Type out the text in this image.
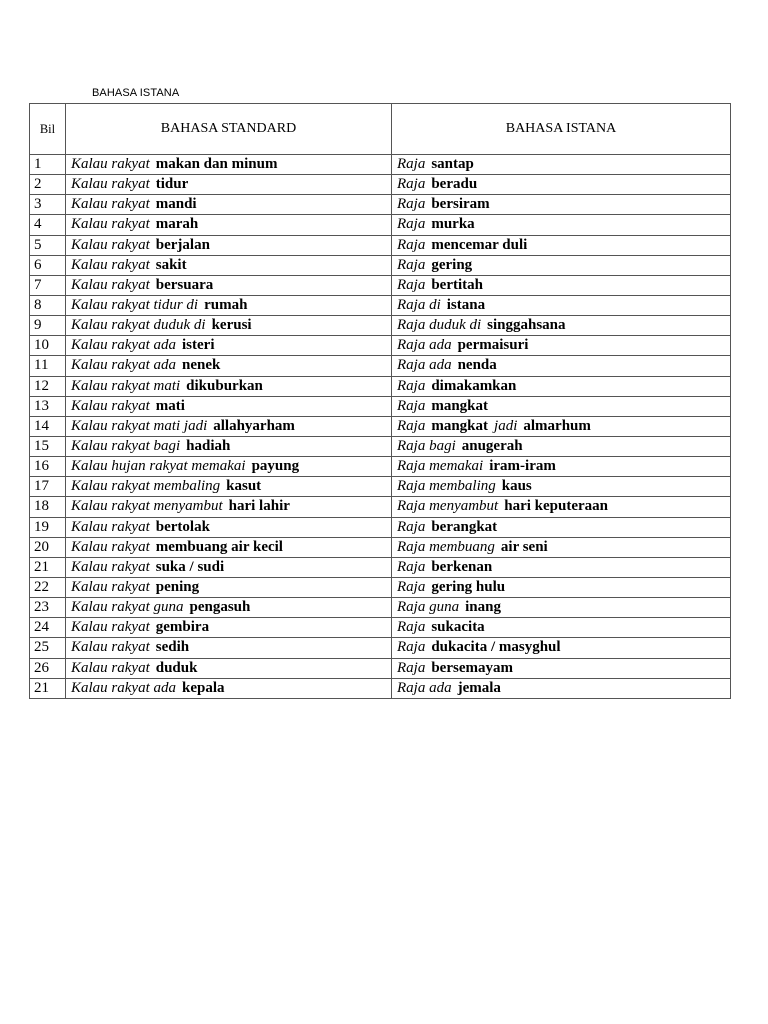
BAHASA ISTANA
Bil	BAHASA STANDARD	BAHASA ISTANA
1	Kalau rakyat makan dan minum	Raja santap
2	Kalau rakyat tidur	Raja beradu
3	Kalau rakyat mandi	Raja bersiram
4	Kalau rakyat marah	Raja murka
5	Kalau rakyat berjalan	Raja mencemar duli
6	Kalau rakyat sakit	Raja gering
7	Kalau rakyat bersuara	Raja bertitah
8	Kalau rakyat tidur di rumah	Raja di istana
9	Kalau rakyat duduk di kerusi	Raja duduk di singgahsana
10	Kalau rakyat ada isteri	Raja ada permaisuri
11	Kalau rakyat ada nenek	Raja ada nenda
12	Kalau rakyat mati dikuburkan	Raja dimakamkan
13	Kalau rakyat mati	Raja mangkat
14	Kalau rakyat mati jadi allahyarham	Raja mangkat jadi almarhum
15	Kalau rakyat bagi hadiah	Raja bagi anugerah
16	Kalau hujan rakyat memakai payung	Raja memakai iram-iram
17	Kalau rakyat membaling kasut	Raja membaling kaus
18	Kalau rakyat menyambut hari lahir	Raja menyambut hari keputeraan
19	Kalau rakyat bertolak	Raja berangkat
20	Kalau rakyat membuang air kecil	Raja membuang air seni
21	Kalau rakyat suka / sudi	Raja berkenan
22	Kalau rakyat pening	Raja gering hulu
23	Kalau rakyat guna pengasuh	Raja guna inang
24	Kalau rakyat gembira	Raja sukacita
25	Kalau rakyat sedih	Raja dukacita / masyghul
26	Kalau rakyat duduk	Raja bersemayam
21	Kalau rakyat ada kepala	Raja ada jemala
